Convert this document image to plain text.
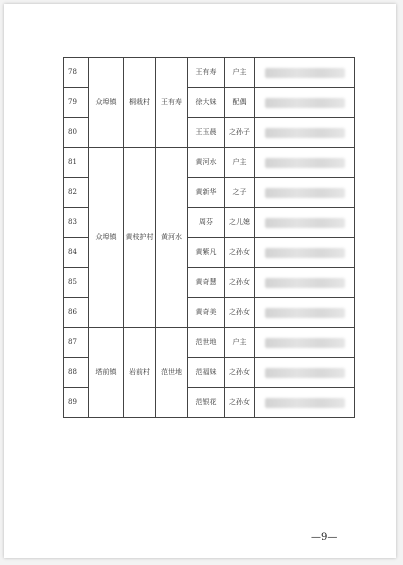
78	众埠镇	桐栽村	王有寿	王有寿	户主	

79				徐大妹	配偶	

80				王玉晨	之孙子	

81	众埠镇	黄枝护村	黄河水	黄河水	户主	

82				黄新华	之子	

83				周芬	之儿媳	

84				黄紫凡	之孙女	

85				黄奇慧	之孙女	

86				黄奇美	之孙女	

87	塔前镇	岩前村	范世地	范世地	户主	

88				范福妹	之孙女	

89				范银花	之孙女	
—9—
